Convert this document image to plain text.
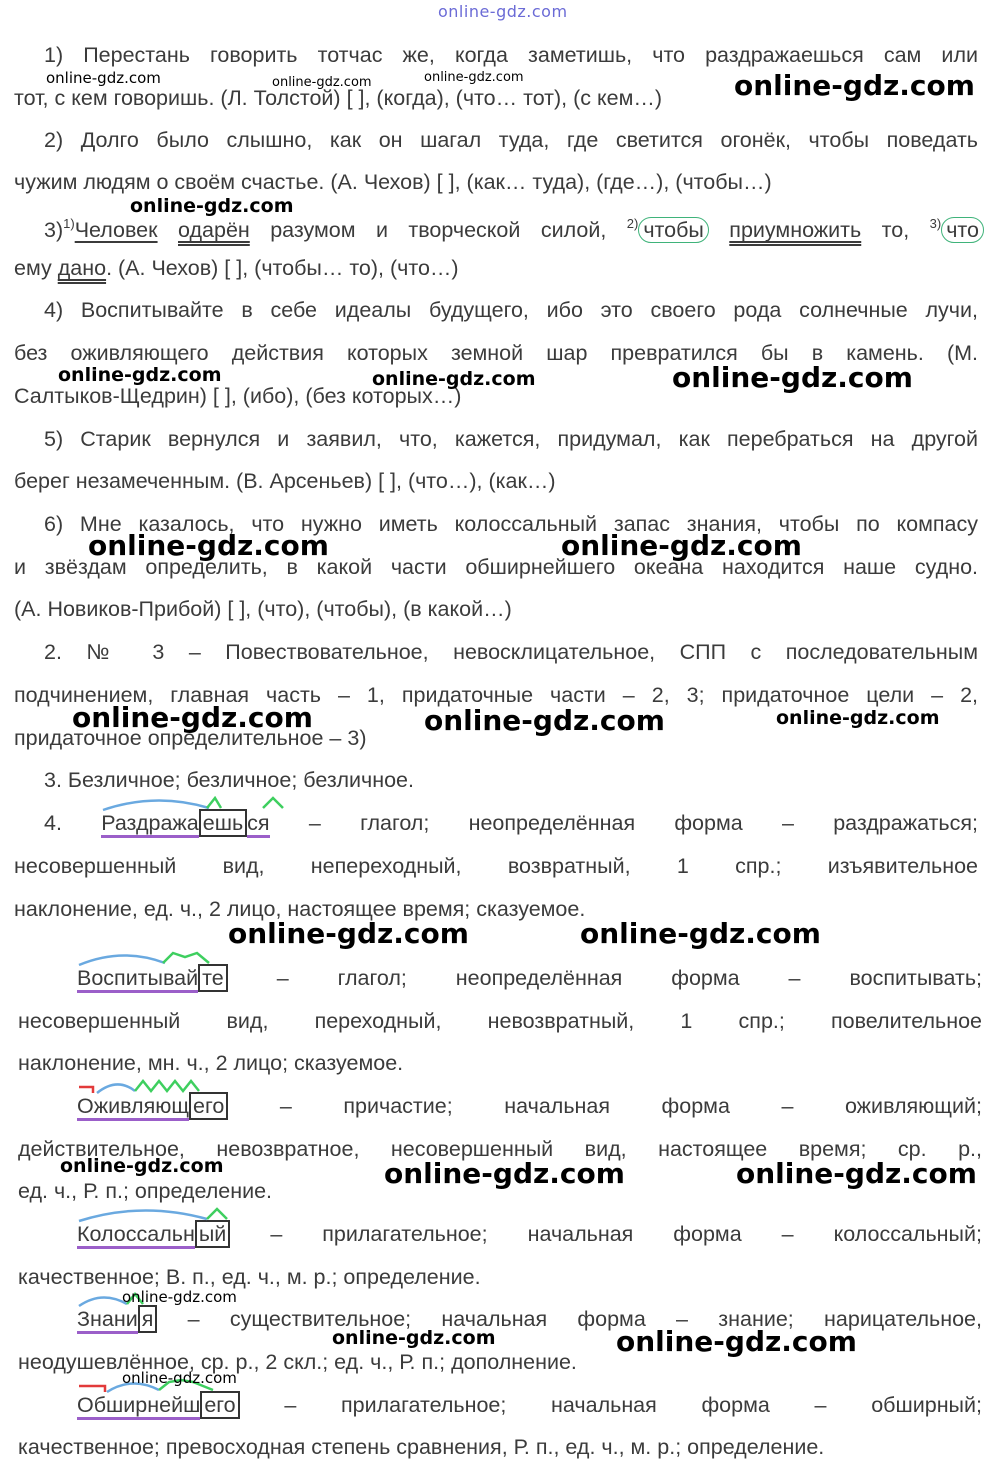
online-gdz.com
1) Перестань говорить тотчас же, когда заметишь, что раздражаешься сам или
тот, с кем говоришь. (Л. Толстой) [ ], (когда), (что… тот), (с кем…)
2) Долго было слышно, как он шагал туда, где светится огонёк, чтобы поведать
чужим людям о своём счастье. (А. Чехов) [ ], (как… туда), (где…), (чтобы…)
3)$^{1)}$Человек одарён разумом и творческой силой, $^{2)}$ чтобы приумножить то, $^{3)}$ что
ему дано. (А. Чехов) [ ], (чтобы… то), (что…)
4) Воспитывайте в себе идеалы будущего, ибо это своего рода солнечные лучи,
без оживляющего действия которых земной шар превратился бы в камень. (М.
Салтыков-Щедрин) [ ], (ибо), (без которых…)
5) Старик вернулся и заявил, что, кажется, придумал, как перебраться на другой
берег незамеченным. (В. Арсеньев) [ ], (что…), (как…)
6) Мне казалось, что нужно иметь колоссальный запас знания, чтобы по компасу
и звёздам определить, в какой части обширнейшего океана находится наше судно.
(А. Новиков-Прибой) [ ], (что), (чтобы), (в какой…)
2. № 3 – Повествовательное, невосклицательное, СПП с последовательным
подчинением, главная часть – 1, придаточные части – 2, 3; придаточное цели – 2,
придаточное определительное – 3)
3. Безличное; безличное; безличное.
4. Раздража ешь ся – глагол; неопределённая форма – раздражаться;
несовершенный вид, непереходный, возвратный, 1 спр.; изъявительное
наклонение, ед. ч., 2 лицо, настоящее время; сказуемое.
Воспитывай те – глагол; неопределённая форма – воспитывать;
несовершенный вид, переходный, невозвратный, 1 спр.; повелительное
наклонение, мн. ч., 2 лицо; сказуемое.
Оживляющ его	– причастие; начальная форма – оживляющий;
действительное, невозвратное, несовершенный вид, настоящее время; ср. р.,
ед. ч., Р. п.; определение.
Колоссальн ый – прилагательное; начальная форма – колоссальный;
качественное; В. п., ед. ч., м. р.; определение.
Знани я – существительное; начальная форма – знание; нарицательное,
неодушевлённое, ср. р., 2 скл.; ед. ч., Р. п.; дополнение.
Обширнейш его – прилагательное; начальная форма – обширный;
качественное; превосходная степень сравнения, Р. п., ед. ч., м. р.; определение.
online-gdz.com	online-gdz.com	online-gdz.com	online-gdz.com
online-gdz.com
online-gdz.com	online-gdz.com	online-gdz.com
online-gdz.com	online-gdz.com
online-gdz.com	online-gdz.com	online-gdz.com
online-gdz.com	online-gdz.com
online-gdz.com	online-gdz.com	online-gdz.com
online-gdz.com
online-gdz.com	online-gdz.com
online-gdz.com
